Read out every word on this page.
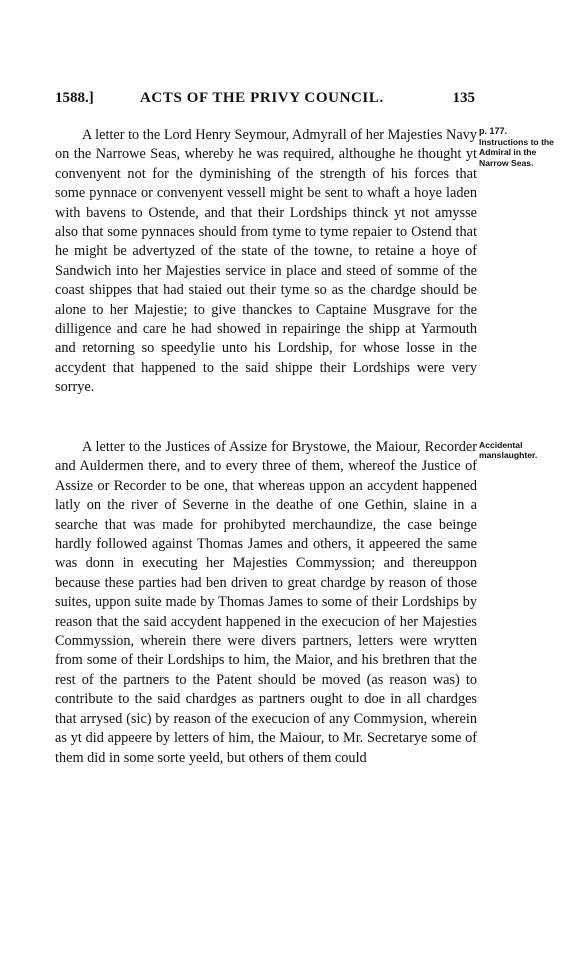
1588.]	ACTS OF THE PRIVY COUNCIL.	135

A letter to the Lord Henry Seymour, Admyrall of her Majesties Navy on the Narrowe Seas, whereby he was required, althoughe he thought yt convenyent not for the dyminishing of the strength of his forces that some pynnace or convenyent vessell might be sent to whaft a hoye laden with bavens to Ostende, and that their Lordships thinck yt not amysse also that some pynnaces should from tyme to tyme repaier to Ostend that he might be advertyzed of the state of the towne, to retaine a hoye of Sandwich into her Majesties service in place and steed of somme of the coast shippes that had staied out their tyme so as the chardge should be alone to her Majestie; to give thanckes to Captaine Musgrave for the dilligence and care he had showed in repairinge the shipp at Yarmouth and retorning so speedylie unto his Lordship, for whose losse in the accydent that happened to the said shippe their Lordships were very sorrye.

p. 177.
Instructions to the Admiral in the Narrow Seas.

A letter to the Justices of Assize for Brystowe, the Maiour, Recorder and Auldermen there, and to every three of them, whereof the Justice of Assize or Recorder to be one, that whereas uppon an accydent happened latly on the river of Severne in the deathe of one Gethin, slaine in a searche that was made for prohibyted merchaundize, the case beinge hardly followed against Thomas James and others, it appeered the same was donn in executing her Majesties Commyssion; and thereuppon because these parties had ben driven to great chardge by reason of those suites, uppon suite made by Thomas James to some of their Lordships by reason that the said accydent happened in the execucion of her Majesties Commyssion, wherein there were divers partners, letters were wrytten from some of their Lordships to him, the Maior, and his brethren that the rest of the partners to the Patent should be moved (as reason was) to contribute to the said chardges as partners ought to doe in all chardges that arrysed (sic) by reason of the execucion of any Commysion, wherein as yt did appeere by letters of him, the Maiour, to Mr. Secretarye some of them did in some sorte yeeld, but others of them could

Accidental manslaughter.
